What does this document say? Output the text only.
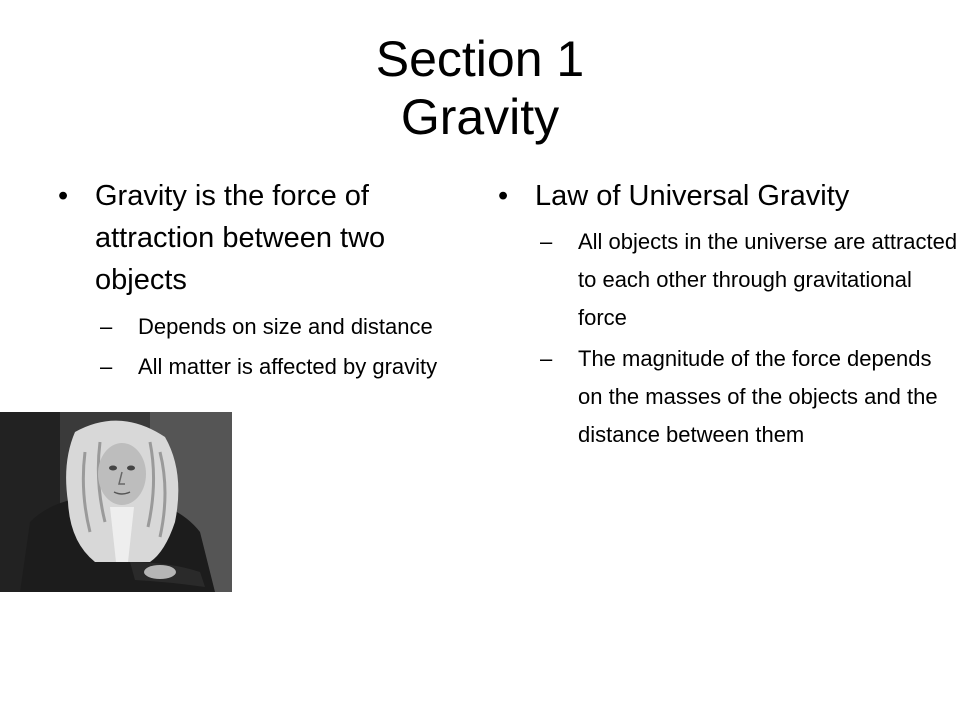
Section 1
Gravity
• Gravity is the force of attraction between two objects
– Depends on size and distance
– All matter is affected by gravity
• Law of Universal Gravity
– All objects in the universe are attracted to each other through gravitational force
– The magnitude of the force depends on the masses of the objects and the distance between them
